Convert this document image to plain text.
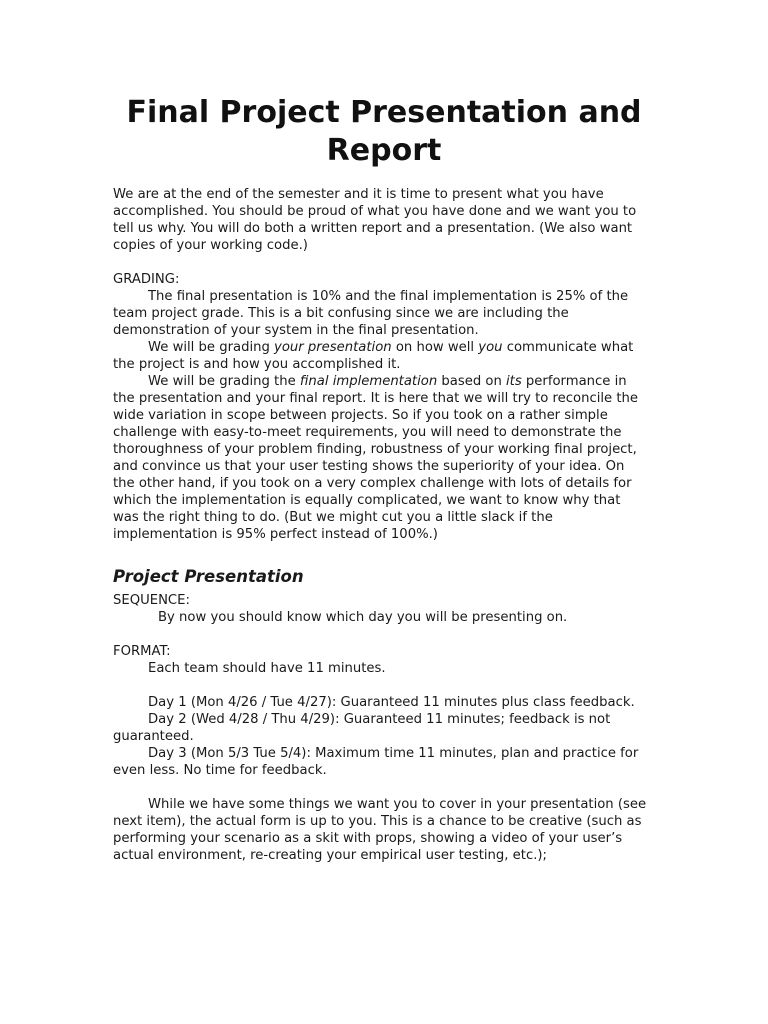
Final Project Presentation and Report

We are at the end of the semester and it is time to present what you have accomplished. You should be proud of what you have done and we want you to tell us why. You will do both a written report and a presentation. (We also want copies of your working code.)

GRADING:

The final presentation is 10% and the final implementation is 25% of the team project grade. This is a bit confusing since we are including the demonstration of your system in the final presentation.

We will be grading your presentation on how well you communicate what the project is and how you accomplished it.

We will be grading the final implementation based on its performance in the presentation and your final report. It is here that we will try to reconcile the wide variation in scope between projects. So if you took on a rather simple challenge with easy-to-meet requirements, you will need to demonstrate the thoroughness of your problem finding, robustness of your working final project, and convince us that your user testing shows the superiority of your idea. On the other hand, if you took on a very complex challenge with lots of details for which the implementation is equally complicated, we want to know why that was the right thing to do. (But we might cut you a little slack if the implementation is 95% perfect instead of 100%.)

Project Presentation

SEQUENCE:

By now you should know which day you will be presenting on.

FORMAT:

Each team should have 11 minutes.

Day 1 (Mon 4/26 / Tue 4/27): Guaranteed 11 minutes plus class feedback.

Day 2 (Wed 4/28 / Thu 4/29): Guaranteed 11 minutes; feedback is not guaranteed.

Day 3 (Mon 5/3 Tue 5/4): Maximum time 11 minutes, plan and practice for even less. No time for feedback.

While we have some things we want you to cover in your presentation (see next item), the actual form is up to you. This is a chance to be creative (such as performing your scenario as a skit with props, showing a video of your user’s actual environment, re-creating your empirical user testing, etc.);
